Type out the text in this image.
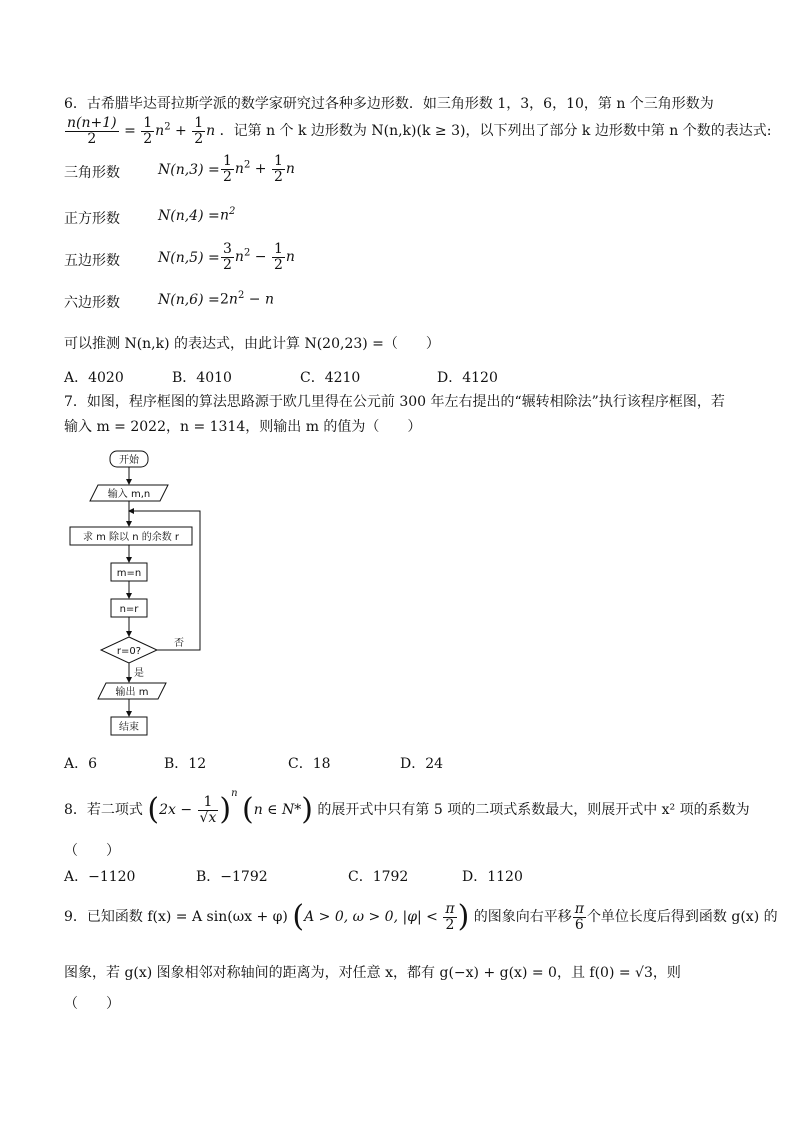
6．古希腊毕达哥拉斯学派的数学家研究过各种多边形数．如三角形数 1，3，6，10，第 n 个三角形数为
$\frac{n(n+1)}{2} = \frac{1}{2} n^2 + \frac{1}{2}$ n ．记第 n 个 k 边形数为 N(n,k)(k ≥ 3)，以下列出了部分 k 边形数中第 n 个数的表达式:
三角形数	$N(n,3) = \frac{1}{2} n^2 + \frac{1}{2}$ n
正方形数	$N(n,4) = n^2$
五边形数	$N(n,5) = \frac{3}{2} n^2 - \frac{1}{2}$ n
六边形数	$N(n,6) = 2n^2 - n$
可以推测 N(n,k) 的表达式，由此计算 N(20,23) =（　　）
A．4020	B．4010	C．4210	D．4120
7．如图，程序框图的算法思路源于欧几里得在公元前 300 年左右提出的“辗转相除法”执行该程序框图，若
输入 m = 2022，n = 1314，则输出 m 的值为（　　）
开始
输入 m,n
求 m 除以 n 的余数 r
m=n
n=r
r=0?
否
是
输出 m
结束
A．6	B．12	C．18	D．24
8．若二项式 $(2x - \frac{1}{√x} )^n$ (n ∈ N*) 的展开式中只有第 5 项的二项式系数最大，则展开式中 x² 项的系数为
（　　）
A．−1120	B．−1792	C．1792	D．1120
9．已知函数 f(x) = A sin(ωx + φ) (A > 0, ω > 0, $|\varphi| < \frac{\pi}{2}$ ) 的图象向右平移 $\frac{\pi}{6}$ 个单位长度后得到函数 g(x) 的
图象，若 g(x) 图象相邻对称轴间的距离为，对任意 x，都有 g(−x) + g(x) = 0，且 f(0) = √3，则
（　　）
